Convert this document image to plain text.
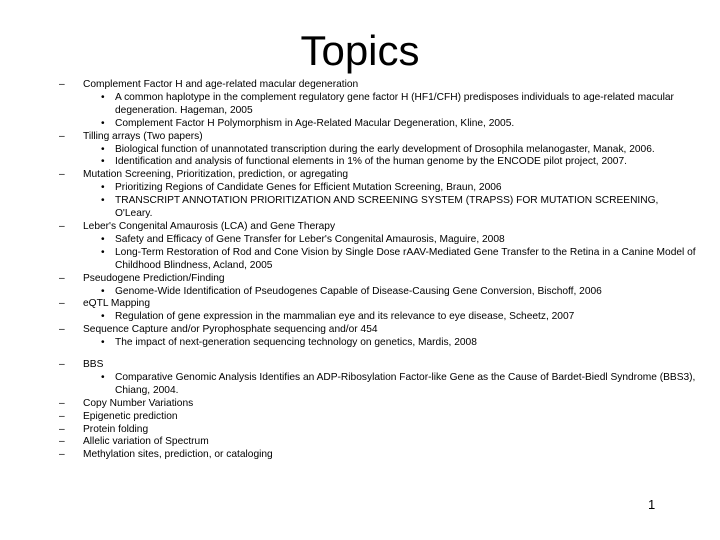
Topics
– Complement Factor H and age-related macular degeneration
• A common haplotype in the complement regulatory gene factor H (HF1/CFH) predisposes individuals to age-related macular degeneration. Hageman, 2005
• Complement Factor H Polymorphism in Age-Related Macular Degeneration, Kline, 2005.
– Tilling arrays (Two papers)
• Biological function of unannotated transcription during the early development of Drosophila melanogaster, Manak, 2006.
• Identification and analysis of functional elements in 1% of the human genome by the ENCODE pilot project, 2007.
– Mutation Screening, Prioritization, prediction, or agregating
• Prioritizing Regions of Candidate Genes for Efficient Mutation Screening, Braun, 2006
• TRANSCRIPT ANNOTATION PRIORITIZATION AND SCREENING SYSTEM (TRAPSS) FOR MUTATION SCREENING, O'Leary.
– Leber's Congenital Amaurosis (LCA) and Gene Therapy
• Safety and Efficacy of Gene Transfer for Leber's Congenital Amaurosis, Maguire, 2008
• Long-Term Restoration of Rod and Cone Vision by Single Dose rAAV-Mediated Gene Transfer to the Retina in a Canine Model of Childhood Blindness, Acland, 2005
– Pseudogene Prediction/Finding
• Genome-Wide Identification of Pseudogenes Capable of Disease-Causing Gene Conversion, Bischoff, 2006
– eQTL Mapping
• Regulation of gene expression in the mammalian eye and its relevance to eye disease, Scheetz, 2007
– Sequence Capture and/or Pyrophosphate sequencing and/or 454
• The impact of next-generation sequencing technology on genetics, Mardis, 2008
– BBS
• Comparative Genomic Analysis Identifies an ADP-Ribosylation Factor-like Gene as the Cause of Bardet-Biedl Syndrome (BBS3), Chiang, 2004.
– Copy Number Variations
– Epigenetic prediction
– Protein folding
– Allelic variation of Spectrum
– Methylation sites, prediction, or cataloging
1
